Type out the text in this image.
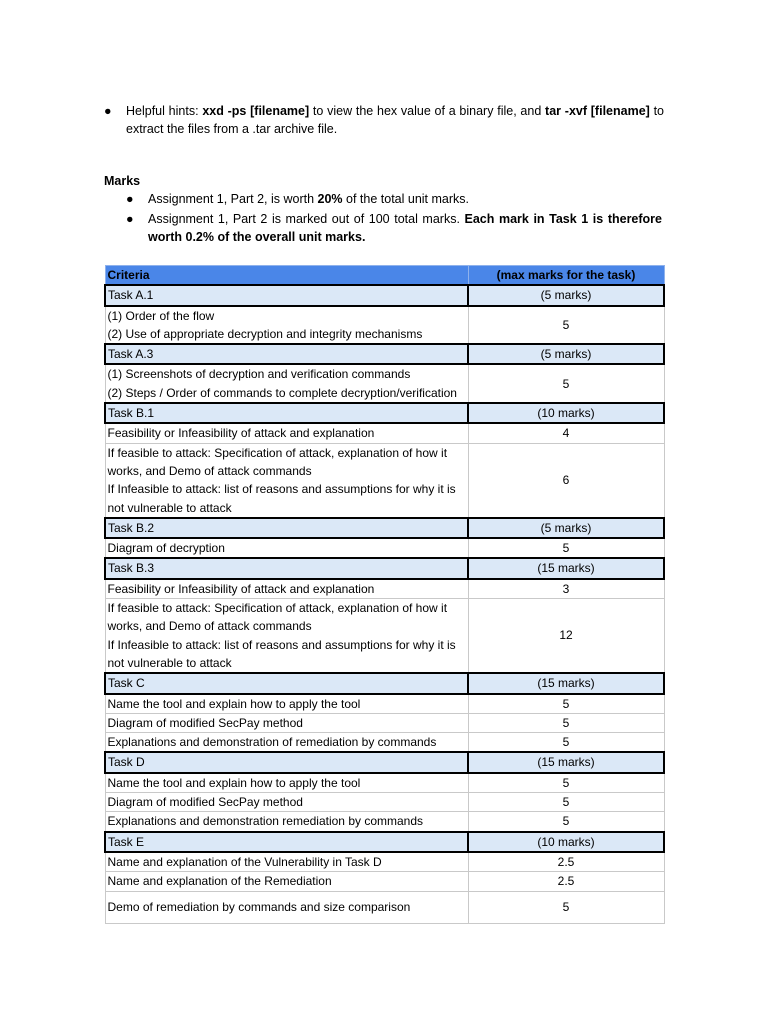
●	Helpful hints: xxd -ps [filename] to view the hex value of a binary file, and tar -xvf [filename] to extract the files from a .tar archive file.
Marks
●	Assignment 1, Part 2, is worth 20% of the total unit marks.
●	Assignment 1, Part 2 is marked out of 100 total marks. Each mark in Task 1 is therefore worth 0.2% of the overall unit marks.
Criteria	(max marks for the task)
Task A.1	(5 marks)

(1) Order of the flow
(2) Use of appropriate decryption and integrity mechanisms	5
Task A.3	(5 marks)

(1) Screenshots of decryption and verification commands
(2) Steps / Order of commands to complete decryption/verification	5
Task B.1	(10 marks)

Feasibility or Infeasibility of attack and explanation	4

If feasible to attack: Specification of attack, explanation of how it works, and Demo of attack commands
If Infeasible to attack: list of reasons and assumptions for why it is not vulnerable to attack	6
Task B.2	(5 marks)

Diagram of decryption	5
Task B.3	(15 marks)

Feasibility or Infeasibility of attack and explanation	3

If feasible to attack: Specification of attack, explanation of how it works, and Demo of attack commands
If Infeasible to attack: list of reasons and assumptions for why it is not vulnerable to attack	12
Task C	(15 marks)

Name the tool and explain how to apply the tool	5

Diagram of modified SecPay method	5

Explanations and demonstration of remediation by commands	5
Task D	(15 marks)

Name the tool and explain how to apply the tool	5

Diagram of modified SecPay method	5

Explanations and demonstration remediation by commands	5
Task E	(10 marks)

Name and explanation of the Vulnerability in Task D	2.5

Name and explanation of the Remediation	2.5

Demo of remediation by commands and size comparison	5
